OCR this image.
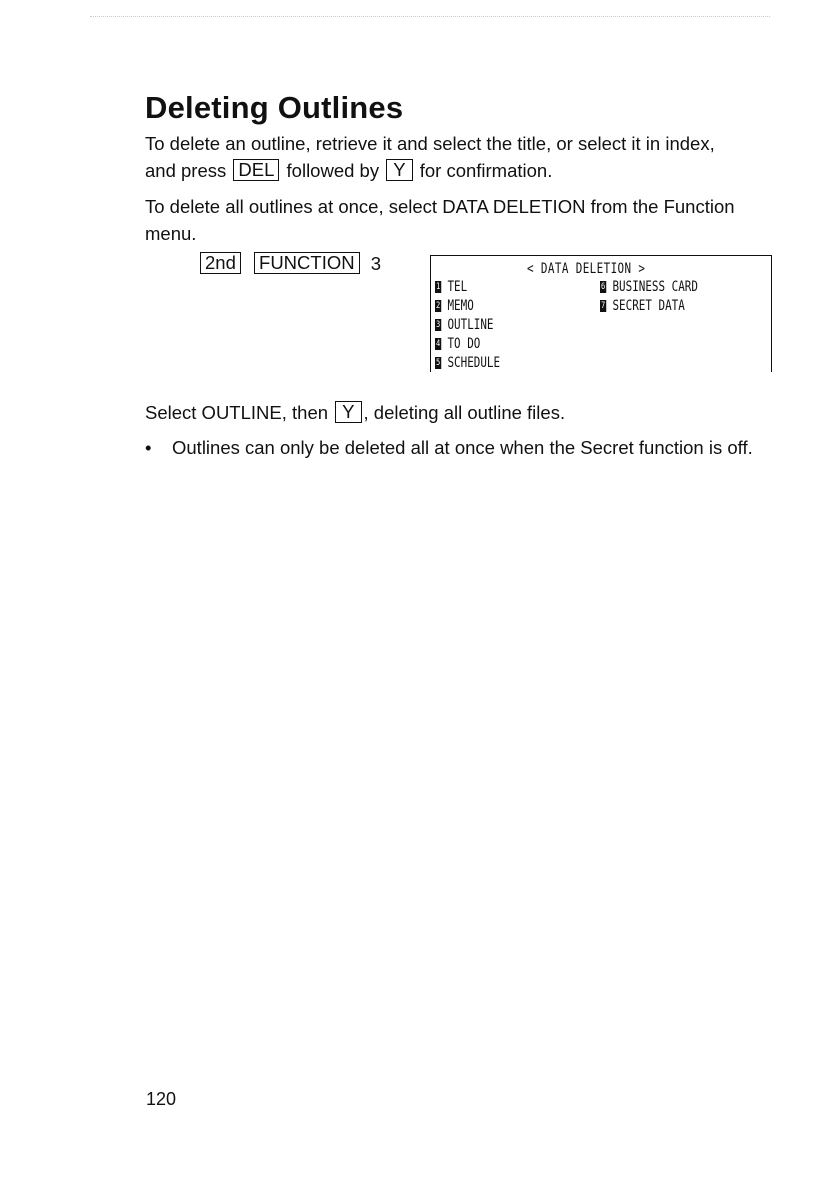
Deleting Outlines

To delete an outline, retrieve it and select the title, or select it in index,
and press DEL followed by Y for confirmation.

To delete all outlines at once, select DATA DELETION from the Function menu.

2nd FUNCTION 3	< DATA DELETION >
1 TEL
2 MEMO
3 OUTLINE
4 TO DO
5 SCHEDULE
6 BUSINESS CARD
7 SECRET DATA

Select OUTLINE, then Y , deleting all outline files.

• Outlines can only be deleted all at once when the Secret function is off.
120
